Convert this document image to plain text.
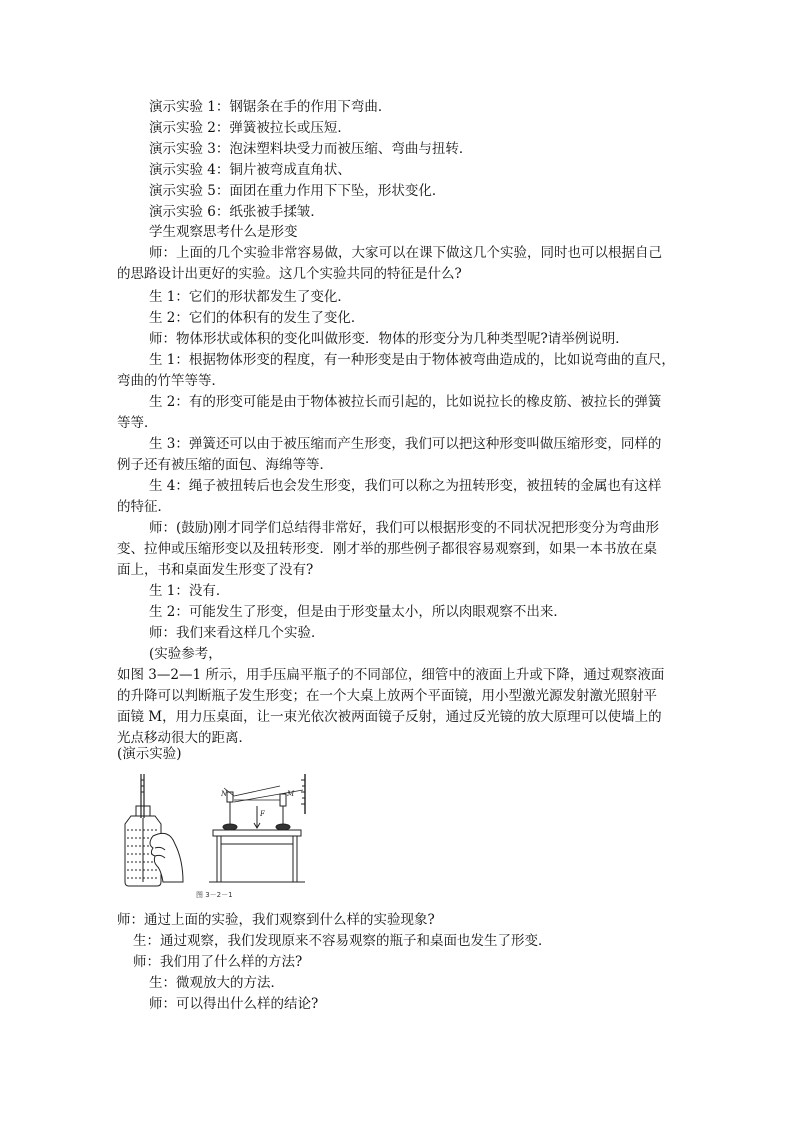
演示实验 1：钢锯条在手的作用下弯曲．
演示实验 2：弹簧被拉长或压短．
演示实验 3：泡沫塑料块受力而被压缩、弯曲与扭转．
演示实验 4：铜片被弯成直角状、
演示实验 5：面团在重力作用下下坠，形状变化．
演示实验 6：纸张被手揉皱．
学生观察思考什么是形变
师：上面的几个实验非常容易做，大家可以在课下做这几个实验，同时也可以根据自己
的思路设计出更好的实验。这几个实验共同的特征是什么?
生 1：它们的形状都发生了变化．
生 2：它们的体积有的发生了变化．
师：物体形状或体积的变化叫做形变．物体的形变分为几种类型呢?请举例说明．
生 1：根据物体形变的程度，有一种形变是由于物体被弯曲造成的，比如说弯曲的直尺，
弯曲的竹竿等等．
生 2：有的形变可能是由于物体被拉长而引起的，比如说拉长的橡皮筋、被拉长的弹簧
等等．
生 3：弹簧还可以由于被压缩而产生形变，我们可以把这种形变叫做压缩形变，同样的
例子还有被压缩的面包、海绵等等．
生 4：绳子被扭转后也会发生形变，我们可以称之为扭转形变，被扭转的金属也有这样
的特征．
师：(鼓励)刚才同学们总结得非常好，我们可以根据形变的不同状况把形变分为弯曲形
变、拉伸或压缩形变以及扭转形变．刚才举的那些例子都很容易观察到，如果一本书放在桌
面上，书和桌面发生形变了没有?
生 1：没有．
生 2：可能发生了形变，但是由于形变量太小，所以肉眼观察不出来．
师：我们来看这样几个实验．
(实验参考，
如图 3—2—1 所示，用手压扁平瓶子的不同部位，细管中的液面上升或下降，通过观察液面
的升降可以判断瓶子发生形变；在一个大桌上放两个平面镜，用小型激光源发射激光照射平
面镜 M，用力压桌面，让一束光依次被两面镜子反射，通过反光镜的放大原理可以使墙上的
光点移动很大的距离．
(演示实验)
N	M
F
图 3－2－1
师：通过上面的实验，我们观察到什么样的实验现象?
生：通过观察，我们发现原来不容易观察的瓶子和桌面也发生了形变．
师：我们用了什么样的方法?
生：微观放大的方法．
师：可以得出什么样的结论?
